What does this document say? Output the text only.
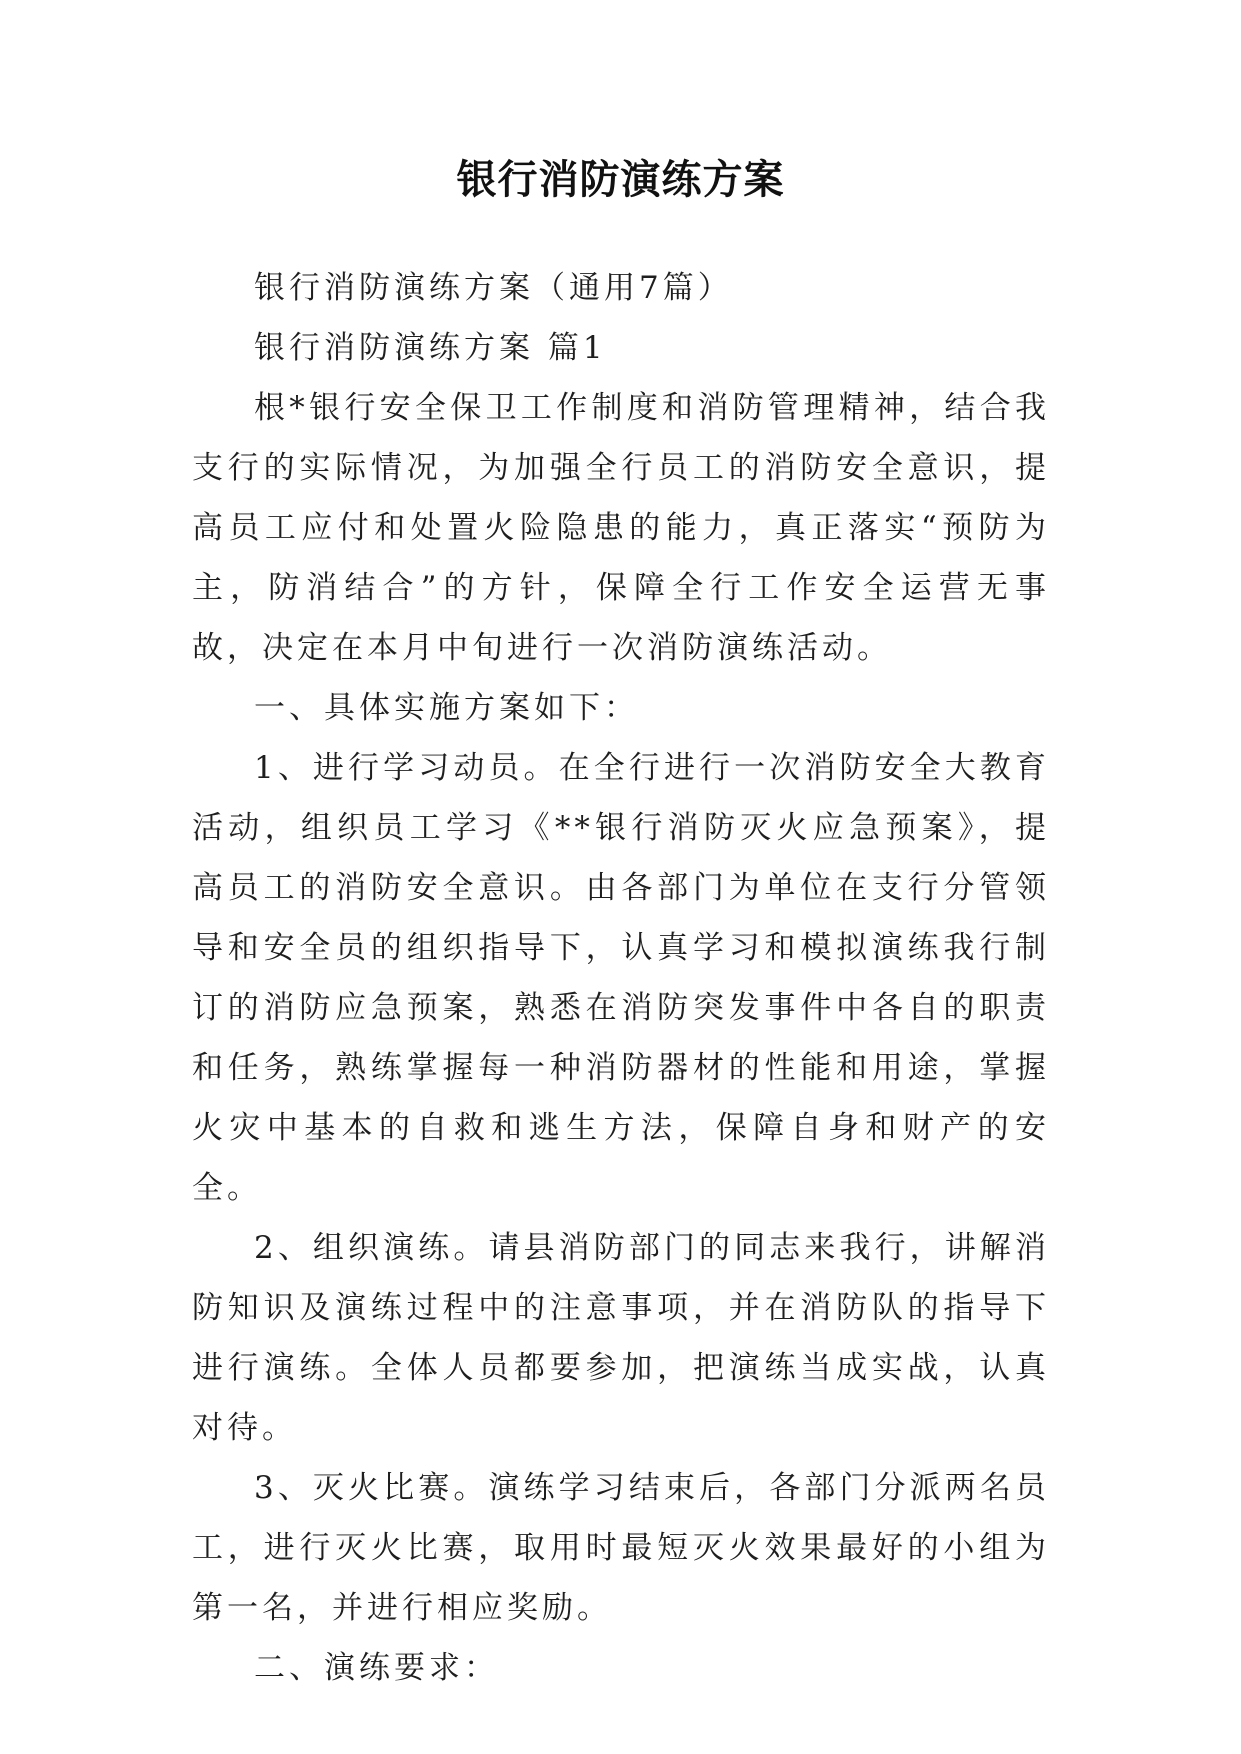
银行消防演练方案

银行消防演练方案（通用7篇）

银行消防演练方案 篇1

根*银行安全保卫工作制度和消防管理精神，结合我支行的实际情况，为加强全行员工的消防安全意识，提高员工应付和处置火险隐患的能力，真正落实“预防为主，防消结合”的方针，保障全行工作安全运营无事故，决定在本月中旬进行一次消防演练活动。

一、具体实施方案如下：

1、进行学习动员。在全行进行一次消防安全大教育活动，组织员工学习《**银行消防灭火应急预案》，提高员工的消防安全意识。由各部门为单位在支行分管领导和安全员的组织指导下，认真学习和模拟演练我行制订的消防应急预案，熟悉在消防突发事件中各自的职责和任务，熟练掌握每一种消防器材的性能和用途，掌握火灾中基本的自救和逃生方法，保障自身和财产的安全。

2、组织演练。请县消防部门的同志来我行，讲解消防知识及演练过程中的注意事项，并在消防队的指导下进行演练。全体人员都要参加，把演练当成实战，认真对待。

3、灭火比赛。演练学习结束后，各部门分派两名员工，进行灭火比赛，取用时最短灭火效果最好的小组为第一名，并进行相应奖励。

二、演练要求：
